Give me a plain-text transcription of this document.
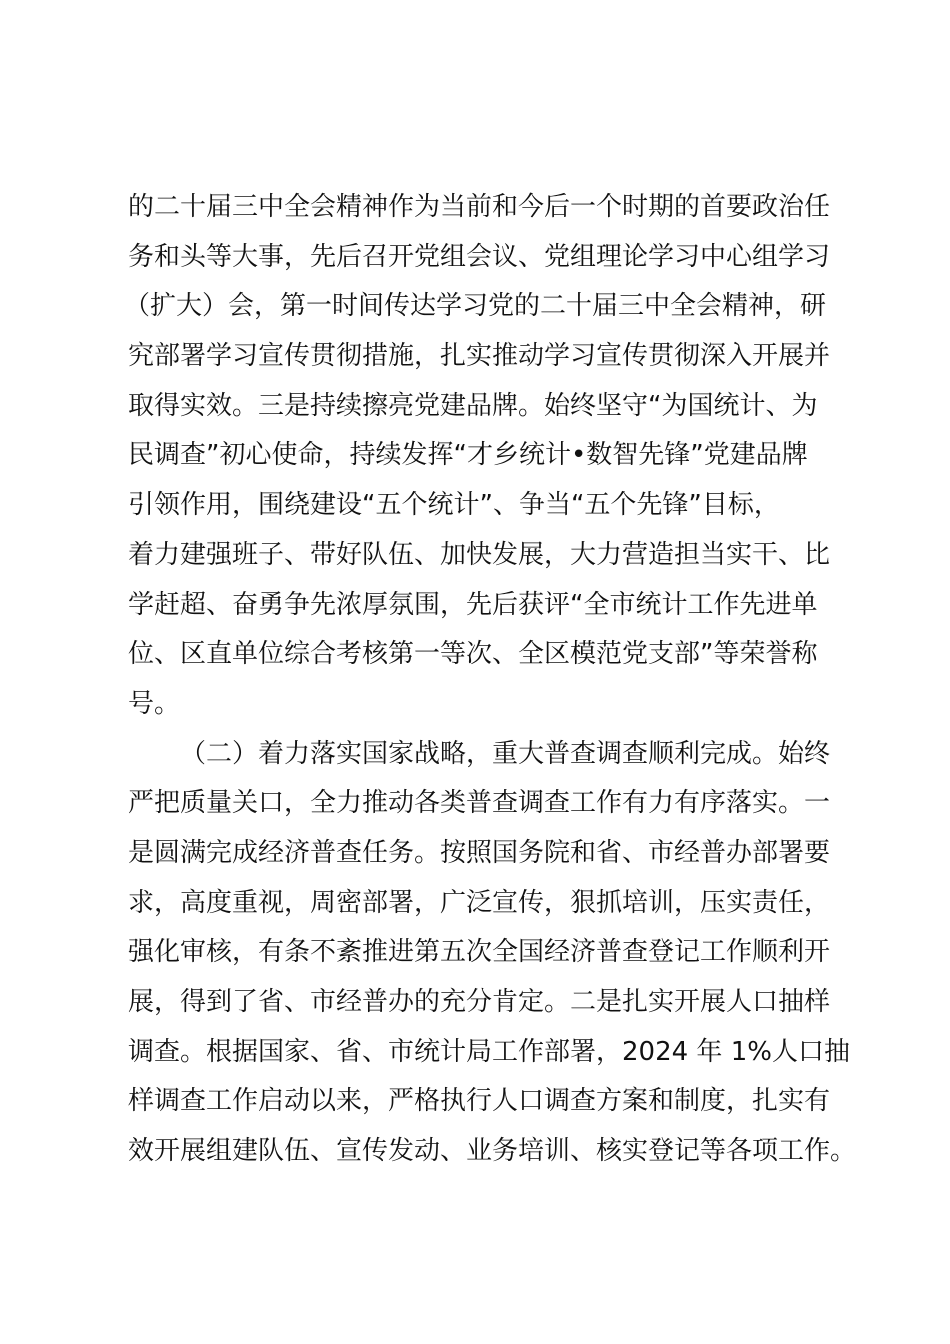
的二十届三中全会精神作为当前和今后一个时期的首要政治任
务和头等大事，先后召开党组会议、党组理论学习中心组学习
（扩大）会，第一时间传达学习党的二十届三中全会精神，研
究部署学习宣传贯彻措施，扎实推动学习宣传贯彻深入开展并
取得实效。三是持续擦亮党建品牌。始终坚守“为国统计、为
民调查”初心使命，持续发挥“才乡统计•数智先锋”党建品牌
引领作用，围绕建设“五个统计”、争当“五个先锋”目标，
着力建强班子、带好队伍、加快发展，大力营造担当实干、比
学赶超、奋勇争先浓厚氛围，先后获评“全市统计工作先进单
位、区直单位综合考核第一等次、全区模范党支部”等荣誉称
号。
（二）着力落实国家战略，重大普查调查顺利完成。始终
严把质量关口，全力推动各类普查调查工作有力有序落实。一
是圆满完成经济普查任务。按照国务院和省、市经普办部署要
求，高度重视，周密部署，广泛宣传，狠抓培训，压实责任，
强化审核，有条不紊推进第五次全国经济普查登记工作顺利开
展，得到了省、市经普办的充分肯定。二是扎实开展人口抽样
调查。根据国家、省、市统计局工作部署，2024 年 1%人口抽
样调查工作启动以来，严格执行人口调查方案和制度，扎实有
效开展组建队伍、宣传发动、业务培训、核实登记等各项工作。
